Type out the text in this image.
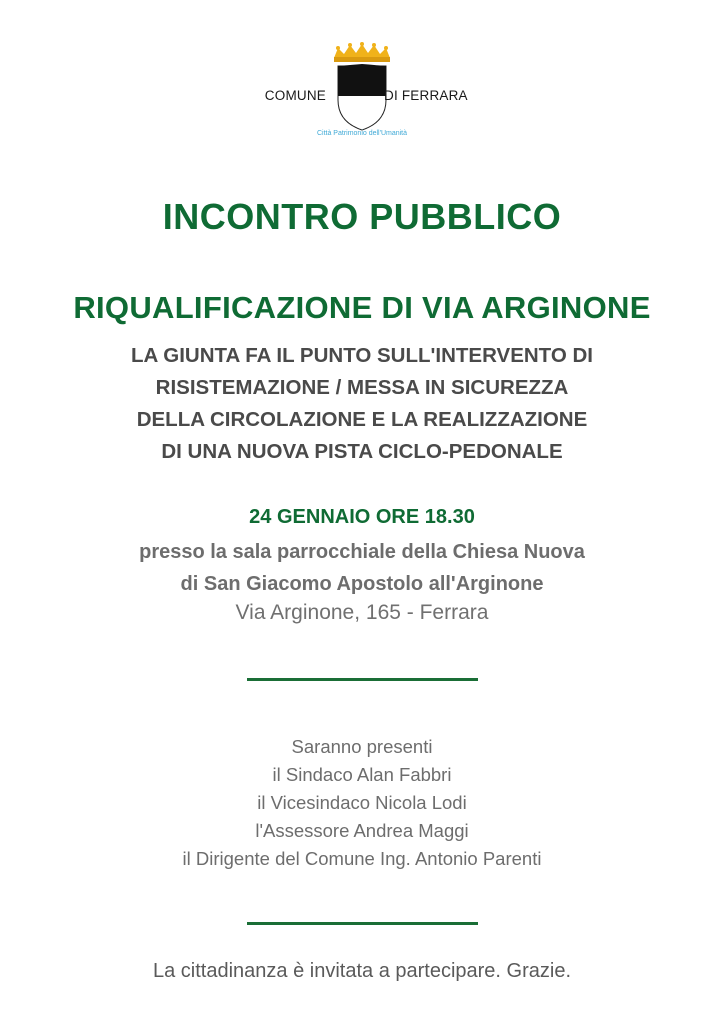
COMUNE	DI FERRARA
Città Patrimonio dell'Umanità
INCONTRO PUBBLICO
RIQUALIFICAZIONE DI VIA ARGINONE
LA GIUNTA FA IL PUNTO SULL'INTERVENTO DI
RISISTEMAZIONE / MESSA IN SICUREZZA
DELLA CIRCOLAZIONE E LA REALIZZAZIONE
DI UNA NUOVA PISTA CICLO-PEDONALE
24 GENNAIO ORE 18.30
presso la sala parrocchiale della Chiesa Nuova
di San Giacomo Apostolo all'Arginone
Via Arginone, 165 - Ferrara
Saranno presenti
il Sindaco Alan Fabbri
il Vicesindaco Nicola Lodi
l'Assessore Andrea Maggi
il Dirigente del Comune Ing. Antonio Parenti
La cittadinanza è invitata a partecipare. Grazie.
